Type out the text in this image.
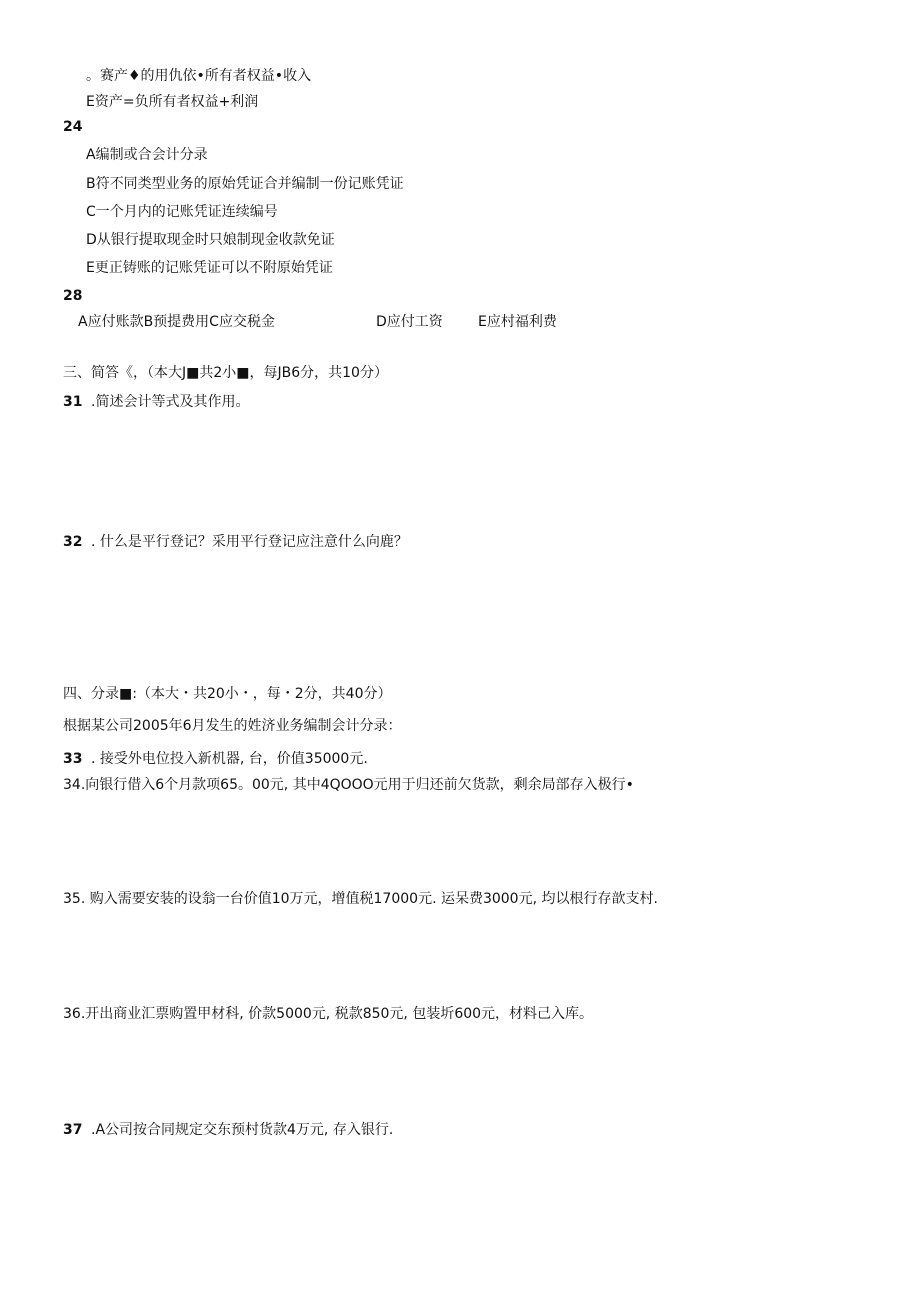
。赛产♦的用仇依•所有者权益•收入

E资产=负所有者权益+利润

24

A编制或合会计分录

B符不同类型业务的原始凭证合并编制一份记账凭证

C一个月内的记账凭证连续编号

D从银行提取现金时只娘制现金收款免证

E更正铸账的记账凭证可以不附原始凭证

28

A应付账款B预提费用C应交税金	D应付工资	E应村福利费

三、简答《，（本大J■共2小■，每JB6分，共10分）

31 .简述会计等式及其作用。

32 . 什么是平行登记？采用平行登记应注意什么向鹿？

四、分录■:（本大・共20小・，每・2分，共40分）

根据某公司2005年6月发生的姓济业务编制会计分录：

33 . 接受外电位投入新机器, 台，价值35000元.

34.向银行借入6个月款项65。00元, 其中4QOOO元用于归还前欠货款，剩余局部存入极行•

35. 购入需要安装的设翁一台价值10万元，增值税17000元. 运呆费3000元, 均以根行存歆支村.

36.开出商业汇票购置甲材科, 价款5000元, 税款850元, 包装圻600元，材料己入库。

37 .A公司按合同规定交东预村货款4万元, 存入银行.
